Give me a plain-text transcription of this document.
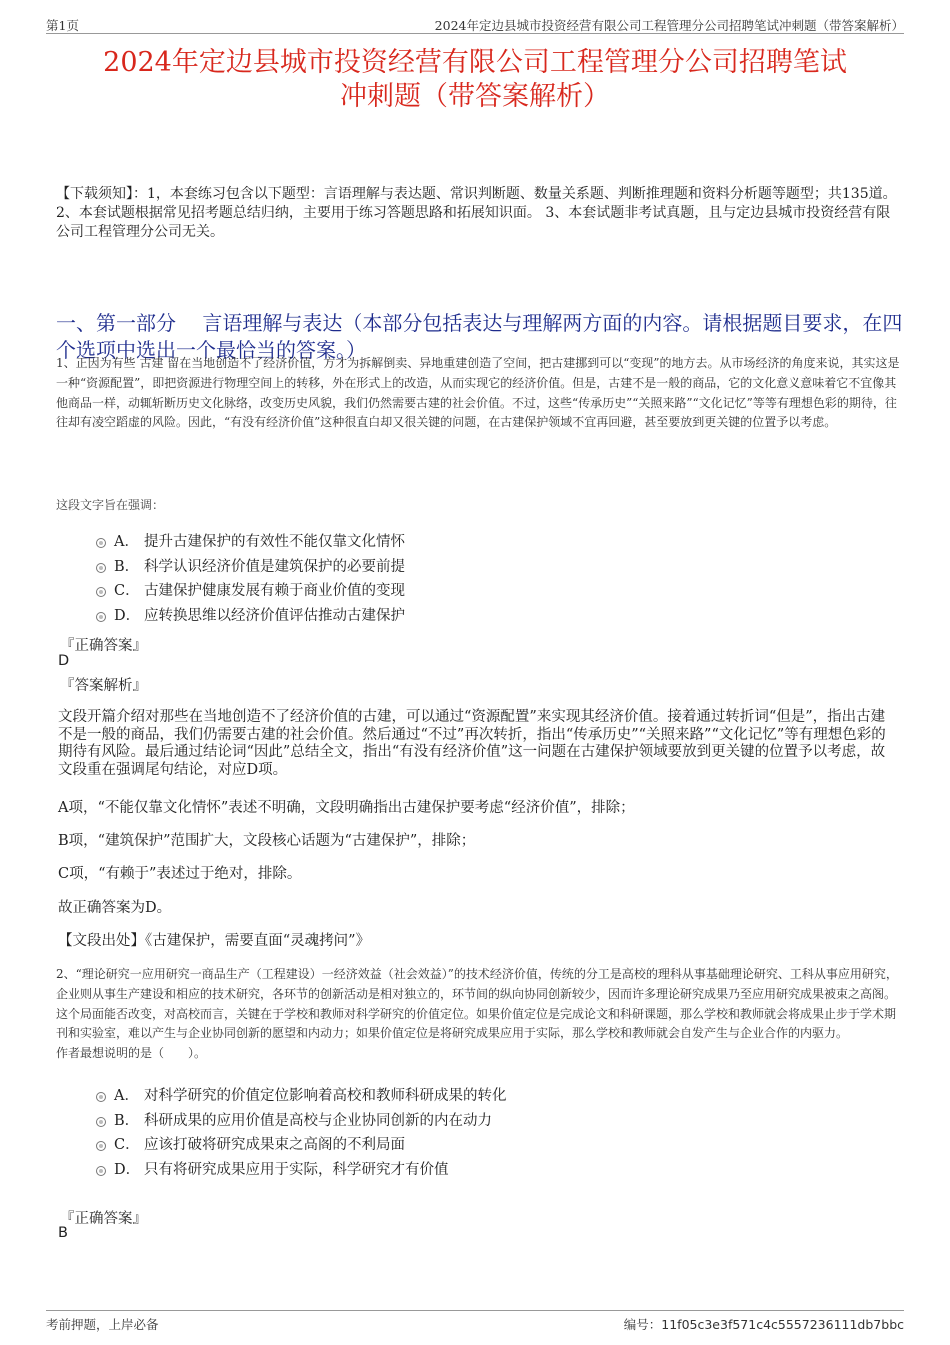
第1页	2024年定边县城市投资经营有限公司工程管理分公司招聘笔试冲刺题（带答案解析）
2024年定边县城市投资经营有限公司工程管理分公司招聘笔试
冲刺题（带答案解析）
【下载须知】：1，本套练习包含以下题型：言语理解与表达题、常识判断题、数量关系题、判断推理题和资料分析题等题型；共135道。 2、本套试题根据常见招考题总结归纳，主要用于练习答题思路和拓展知识面。 3、本套试题非考试真题，且与定边县城市投资经营有限公司工程管理分公司无关。
一、第一部分　 言语理解与表达（本部分包括表达与理解两方面的内容。请根据题目要求，在四个选项中选出一个最恰当的答案。）
1、正因为有些 古建 留在当地创造不了经济价值，方才为拆解倒卖、异地重建创造了空间，把古建挪到可以“变现”的地方去。从市场经济的角度来说，其实这是一种“资源配置”，即把资源进行物理空间上的转移，外在形式上的改造，从而实现它的经济价值。但是，古建不是一般的商品，它的文化意义意味着它不宜像其他商品一样，动辄斩断历史文化脉络，改变历史风貌，我们仍然需要古建的社会价值。不过，这些“传承历史”“关照来路”“文化记忆”等等有理想色彩的期待，往往却有凌空蹈虚的风险。因此，“有没有经济价值”这种很直白却又很关键的问题，在古建保护领域不宜再回避，甚至要放到更关键的位置予以考虑。
这段文字旨在强调：
A． 提升古建保护的有效性不能仅靠文化情怀
B． 科学认识经济价值是建筑保护的必要前提
C． 古建保护健康发展有赖于商业价值的变现
D． 应转换思维以经济价值评估推动古建保护
『正确答案』
D
『答案解析』
文段开篇介绍对那些在当地创造不了经济价值的古建，可以通过“资源配置”来实现其经济价值。接着通过转折词“但是”，指出古建不是一般的商品，我们仍需要古建的社会价值。然后通过“不过”再次转折，指出“传承历史”“关照来路”“文化记忆”等有理想色彩的期待有风险。最后通过结论词“因此”总结全文，指出“有没有经济价值”这一问题在古建保护领域要放到更关键的位置予以考虑，故文段重在强调尾句结论，对应D项。
A项，“不能仅靠文化情怀”表述不明确，文段明确指出古建保护要考虑“经济价值”，排除；
B项，“建筑保护”范围扩大，文段核心话题为“古建保护”，排除；
C项，“有赖于”表述过于绝对，排除。
故正确答案为D。
【文段出处】《古建保护，需要直面“灵魂拷问”》
2、“理论研究一应用研究一商品生产（工程建设）一经济效益（社会效益）”的技术经济价值，传统的分工是高校的理科从事基础理论研究、工科从事应用研究，企业则从事生产建设和相应的技术研究，各环节的创新活动是相对独立的，环节间的纵向协同创新较少，因而许多理论研究成果乃至应用研究成果被束之高阁。这个局面能否改变，对高校而言，关键在于学校和教师对科学研究的价值定位。如果价值定位是完成论文和科研课题，那么学校和教师就会将成果止步于学术期刊和实验室，难以产生与企业协同创新的愿望和内动力；如果价值定位是将研究成果应用于实际，那么学校和教师就会自发产生与企业合作的内驱力。
作者最想说明的是（　　）。
A． 对科学研究的价值定位影响着高校和教师科研成果的转化
B． 科研成果的应用价值是高校与企业协同创新的内在动力
C． 应该打破将研究成果束之高阁的不利局面
D． 只有将研究成果应用于实际，科学研究才有价值
『正确答案』
B
考前押题，上岸必备	编号：11f05c3e3f571c4c5557236111db7bbc
